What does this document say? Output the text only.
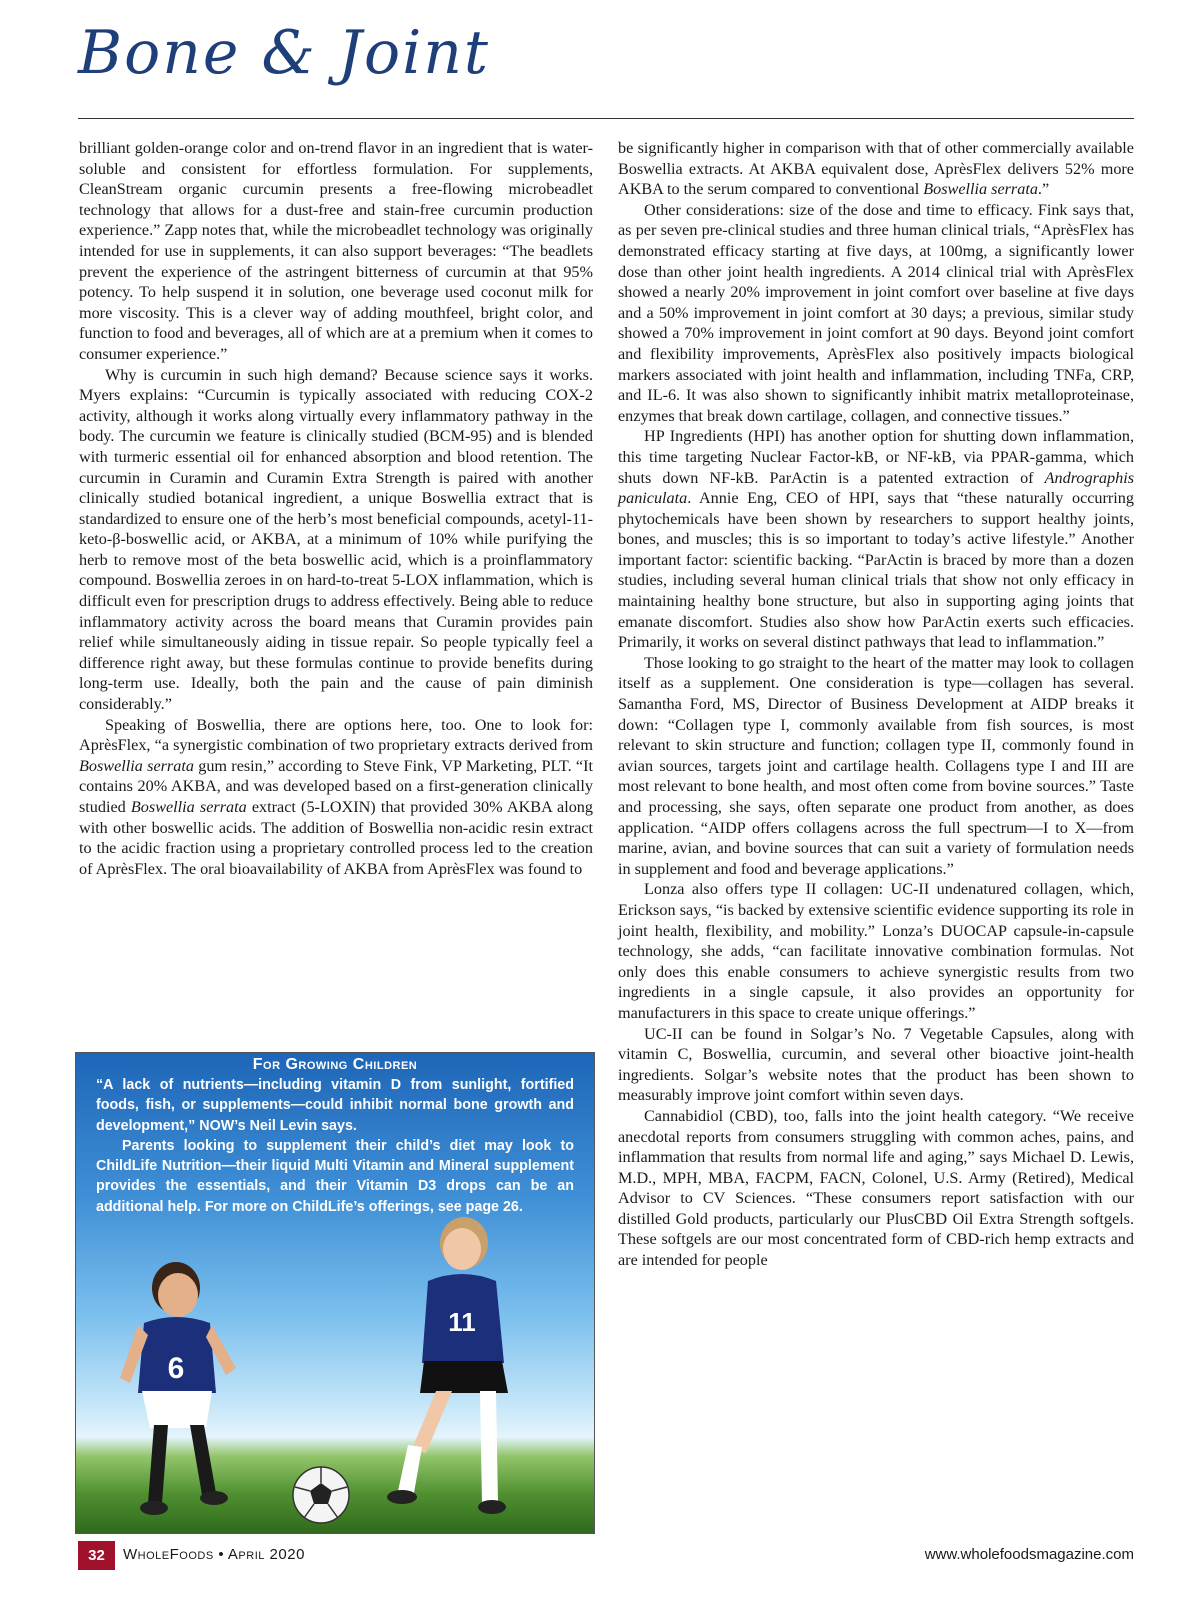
Bone & Joint

brilliant golden-orange color and on-trend flavor in an ingredient that is water-soluble and consistent for effortless formulation. For supplements, CleanStream organic curcumin presents a free-flowing microbeadlet technology that allows for a dust-free and stain-free curcumin production experience.” Zapp notes that, while the microbeadlet technology was originally intended for use in supplements, it can also support beverages: “The beadlets prevent the experience of the astringent bitterness of curcumin at that 95% potency. To help suspend it in solution, one beverage used coconut milk for more viscosity. This is a clever way of adding mouthfeel, bright color, and function to food and beverages, all of which are at a premium when it comes to consumer experience.”

Why is curcumin in such high demand? Because science says it works. Myers explains: “Curcumin is typically associated with reducing COX-2 activity, although it works along virtually every inflammatory pathway in the body. The curcumin we feature is clinically studied (BCM-95) and is blended with turmeric essential oil for enhanced absorption and blood retention. The curcumin in Curamin and Curamin Extra Strength is paired with another clinically studied botanical ingredient, a unique Boswellia extract that is standardized to ensure one of the herb’s most beneficial compounds, acetyl-11-keto-β-boswellic acid, or AKBA, at a minimum of 10% while purifying the herb to remove most of the beta boswellic acid, which is a proinflammatory compound. Boswellia zeroes in on hard-to-treat 5-LOX inflammation, which is difficult even for prescription drugs to address effectively. Being able to reduce inflammatory activity across the board means that Curamin provides pain relief while simultaneously aiding in tissue repair. So people typically feel a difference right away, but these formulas continue to provide benefits during long-term use. Ideally, both the pain and the cause of pain diminish considerably.”

Speaking of Boswellia, there are options here, too. One to look for: AprèsFlex, “a synergistic combination of two proprietary extracts derived from Boswellia serrata gum resin,” according to Steve Fink, VP Marketing, PLT. “It contains 20% AKBA, and was developed based on a first-generation clinically studied Boswellia serrata extract (5-LOXIN) that provided 30% AKBA along with other boswellic acids. The addition of Boswellia non-acidic resin extract to the acidic fraction using a proprietary controlled process led to the creation of AprèsFlex. The oral bioavailability of AKBA from AprèsFlex was found to

be significantly higher in comparison with that of other commercially available Boswellia extracts. At AKBA equivalent dose, AprèsFlex delivers 52% more AKBA to the serum compared to conventional Boswellia serrata.”

Other considerations: size of the dose and time to efficacy. Fink says that, as per seven pre-clinical studies and three human clinical trials, “AprèsFlex has demonstrated efficacy starting at five days, at 100mg, a significantly lower dose than other joint health ingredients. A 2014 clinical trial with AprèsFlex showed a nearly 20% improvement in joint comfort over baseline at five days and a 50% improvement in joint comfort at 30 days; a previous, similar study showed a 70% improvement in joint comfort at 90 days. Beyond joint comfort and flexibility improvements, AprèsFlex also positively impacts biological markers associated with joint health and inflammation, including TNFa, CRP, and IL-6. It was also shown to significantly inhibit matrix metalloproteinase, enzymes that break down cartilage, collagen, and connective tissues.”

HP Ingredients (HPI) has another option for shutting down inflammation, this time targeting Nuclear Factor-kB, or NF-kB, via PPAR-gamma, which shuts down NF-kB. ParActin is a patented extraction of Andrographis paniculata. Annie Eng, CEO of HPI, says that “these naturally occurring phytochemicals have been shown by researchers to support healthy joints, bones, and muscles; this is so important to today’s active lifestyle.” Another important factor: scientific backing. “ParActin is braced by more than a dozen studies, including several human clinical trials that show not only efficacy in maintaining healthy bone structure, but also in supporting aging joints that emanate discomfort. Studies also show how ParActin exerts such efficacies. Primarily, it works on several distinct pathways that lead to inflammation.”

Those looking to go straight to the heart of the matter may look to collagen itself as a supplement. One consideration is type—collagen has several. Samantha Ford, MS, Director of Business Development at AIDP breaks it down: “Collagen type I, commonly available from fish sources, is most relevant to skin structure and function; collagen type II, commonly found in avian sources, targets joint and cartilage health. Collagens type I and III are most relevant to bone health, and most often come from bovine sources.” Taste and processing, she says, often separate one product from another, as does application. “AIDP offers collagens across the full spectrum—I to X—from marine, avian, and bovine sources that can suit a variety of formulation needs in supplement and food and beverage applications.”

Lonza also offers type II collagen: UC-II undenatured collagen, which, Erickson says, “is backed by extensive scientific evidence supporting its role in joint health, flexibility, and mobility.” Lonza’s DUOCAP capsule-in-capsule technology, she adds, “can facilitate innovative combination formulas. Not only does this enable consumers to achieve synergistic results from two ingredients in a single capsule, it also provides an opportunity for manufacturers in this space to create unique offerings.”

UC-II can be found in Solgar’s No. 7 Vegetable Capsules, along with vitamin C, Boswellia, curcumin, and several other bioactive joint-health ingredients. Solgar’s website notes that the product has been shown to measurably improve joint comfort within seven days.

Cannabidiol (CBD), too, falls into the joint health category. “We receive anecdotal reports from consumers struggling with common aches, pains, and inflammation that results from normal life and aging,” says Michael D. Lewis, M.D., MPH, MBA, FACPM, FACN, Colonel, U.S. Army (Retired), Medical Advisor to CV Sciences. “These consumers report satisfaction with our distilled Gold products, particularly our PlusCBD Oil Extra Strength softgels. These softgels are our most concentrated form of CBD-rich hemp extracts and are intended for people

For Growing Children

“A lack of nutrients—including vitamin D from sunlight, fortified foods, fish, or supplements—could inhibit normal bone growth and development,” NOW’s Neil Levin says.

Parents looking to supplement their child’s diet may look to ChildLife Nutrition—their liquid Multi Vitamin and Mineral supplement provides the essentials, and their Vitamin D3 drops can be an additional help. For more on ChildLife’s offerings, see page 26.

6
11
32	WholeFoods • April 2020	www.wholefoodsmagazine.com
